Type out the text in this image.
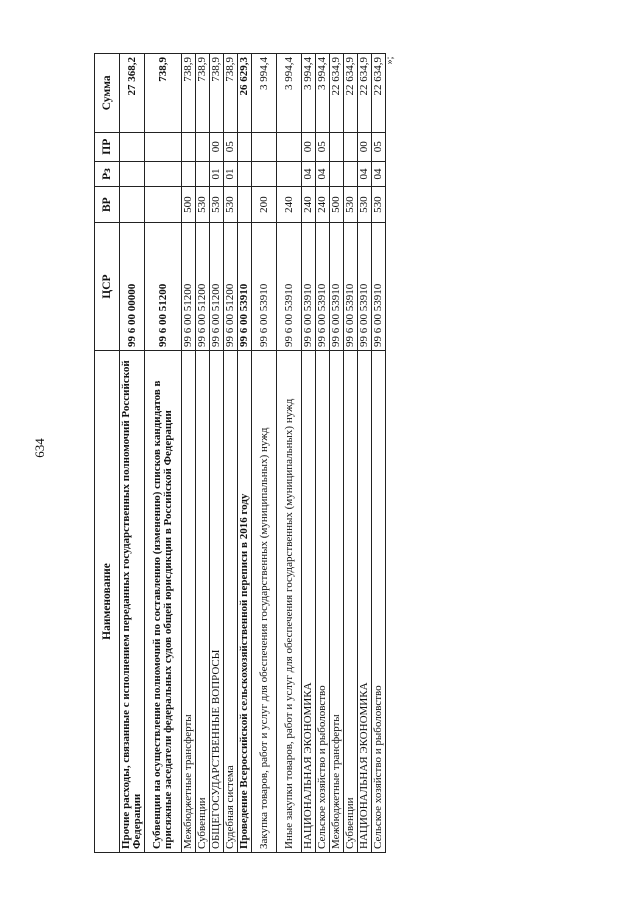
634
»;
Наименование	ЦСР	ВР	Рз	ПР	Сумма
Прочие расходы, связанные с исполнением переданных государственных полномочий Российской Федерации	99 6 00 00000				27 368,2
Субвенции на осуществление полномочий по составлению (изменению) списков кандидатов в присяжные заседатели федеральных судов общей юрисдикции в Российской Федерации	99 6 00 51200				738,9
Межбюджетные трансферты	99 6 00 51200	500			738,9
Субвенции	99 6 00 51200	530			738,9
ОБЩЕГОСУДАРСТВЕННЫЕ ВОПРОСЫ	99 6 00 51200	530	01	00	738,9
Судебная система	99 6 00 51200	530	01	05	738,9
Проведение Всероссийской сельскохозяйственной переписи в 2016 году	99 6 00 53910				26 629,3
Закупка товаров, работ и услуг для обеспечения государственных (муниципальных) нужд	99 6 00 53910	200			3 994,4
Иные закупки товаров, работ и услуг для обеспечения государственных (муниципальных) нужд	99 6 00 53910	240			3 994,4
НАЦИОНАЛЬНАЯ ЭКОНОМИКА	99 6 00 53910	240	04	00	3 994,4
Сельское хозяйство и рыболовство	99 6 00 53910	240	04	05	3 994,4
Межбюджетные трансферты	99 6 00 53910	500			22 634,9
Субвенции	99 6 00 53910	530			22 634,9
НАЦИОНАЛЬНАЯ ЭКОНОМИКА	99 6 00 53910	530	04	00	22 634,9
Сельское хозяйство и рыболовство	99 6 00 53910	530	04	05	22 634,9
